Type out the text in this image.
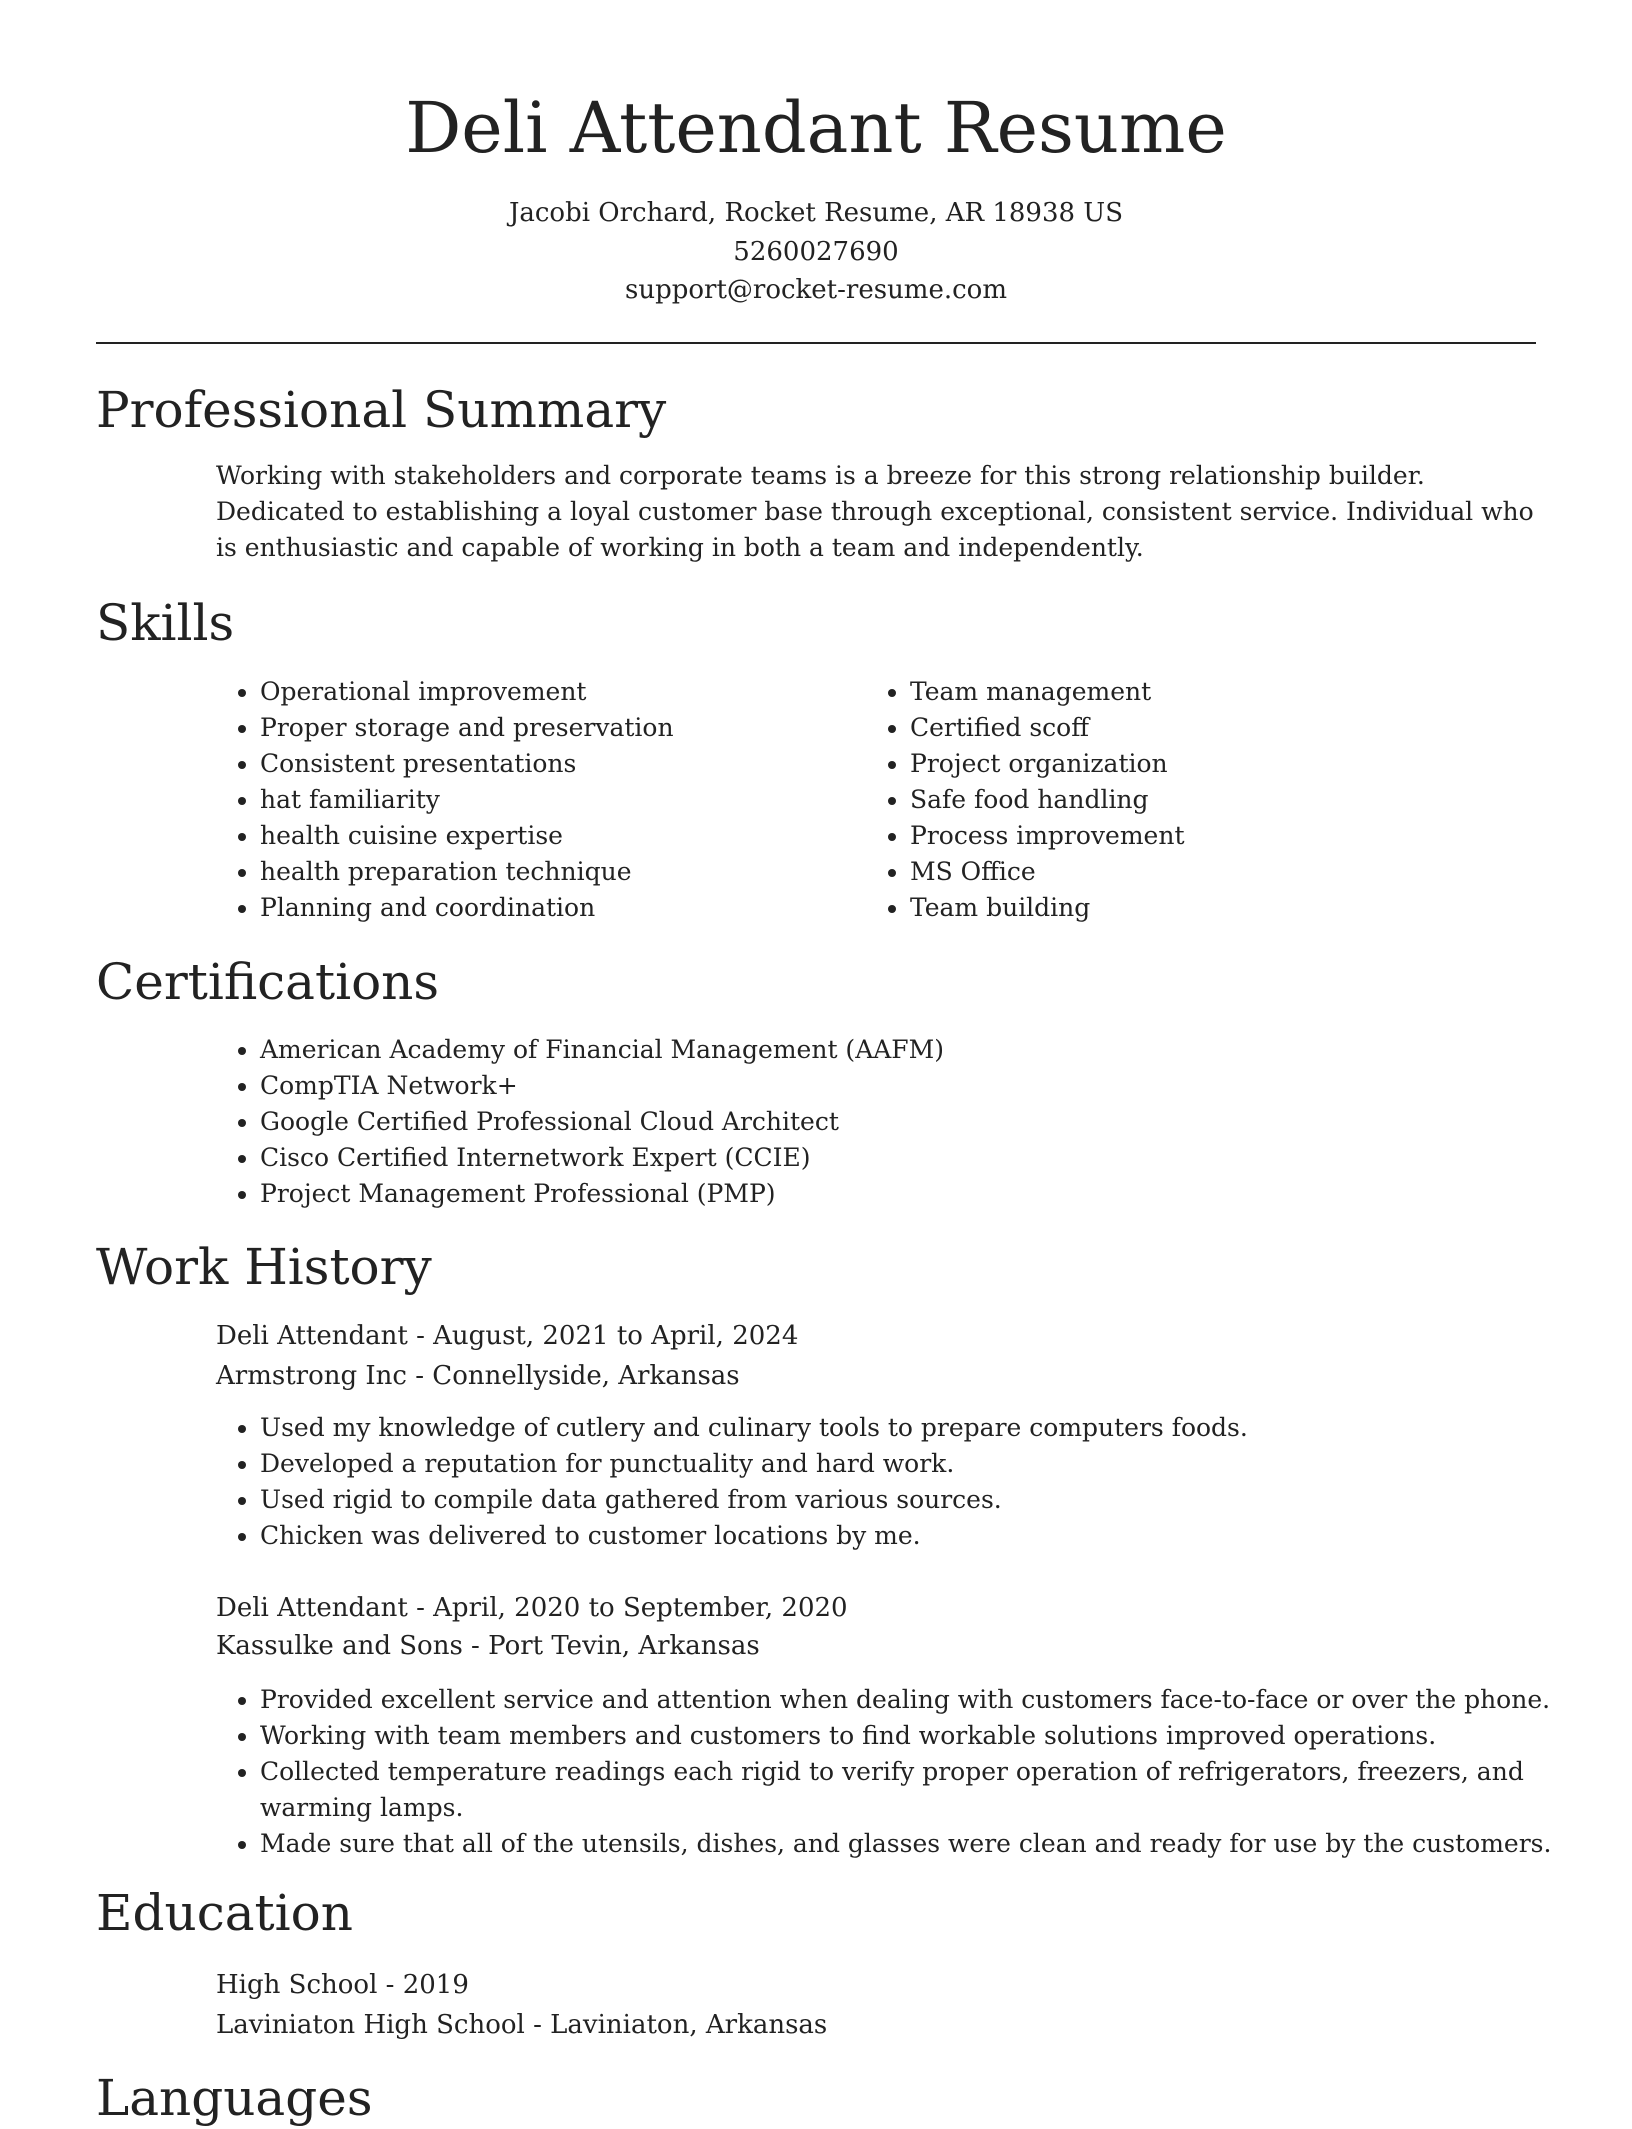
Deli Attendant Resume
Jacobi Orchard, Rocket Resume, AR 18938 US
5260027690
support@rocket-resume.com
Professional Summary

Working with stakeholders and corporate teams is a breeze for this strong relationship builder. Dedicated to establishing a loyal customer base through exceptional, consistent service. Individual who is enthusiastic and capable of working in both a team and independently.

Skills
• Operational improvement
• Proper storage and preservation
• Consistent presentations
• hat familiarity
• health cuisine expertise
• health preparation technique
• Planning and coordination
• Team management
• Certified scoff
• Project organization
• Safe food handling
• Process improvement
• MS Office
• Team building
Certifications
• American Academy of Financial Management (AAFM)
• CompTIA Network+
• Google Certified Professional Cloud Architect
• Cisco Certified Internetwork Expert (CCIE)
• Project Management Professional (PMP)
Work History
Deli Attendant - August, 2021 to April, 2024
Armstrong Inc - Connellyside, Arkansas
• Used my knowledge of cutlery and culinary tools to prepare computers foods.
• Developed a reputation for punctuality and hard work.
• Used rigid to compile data gathered from various sources.
• Chicken was delivered to customer locations by me.
Deli Attendant - April, 2020 to September, 2020
Kassulke and Sons - Port Tevin, Arkansas
• Provided excellent service and attention when dealing with customers face-to-face or over the phone.
• Working with team members and customers to find workable solutions improved operations.
• Collected temperature readings each rigid to verify proper operation of refrigerators, freezers, and warming lamps.
• Made sure that all of the utensils, dishes, and glasses were clean and ready for use by the customers.
Education
High School - 2019
Laviniaton High School - Laviniaton, Arkansas
Languages
